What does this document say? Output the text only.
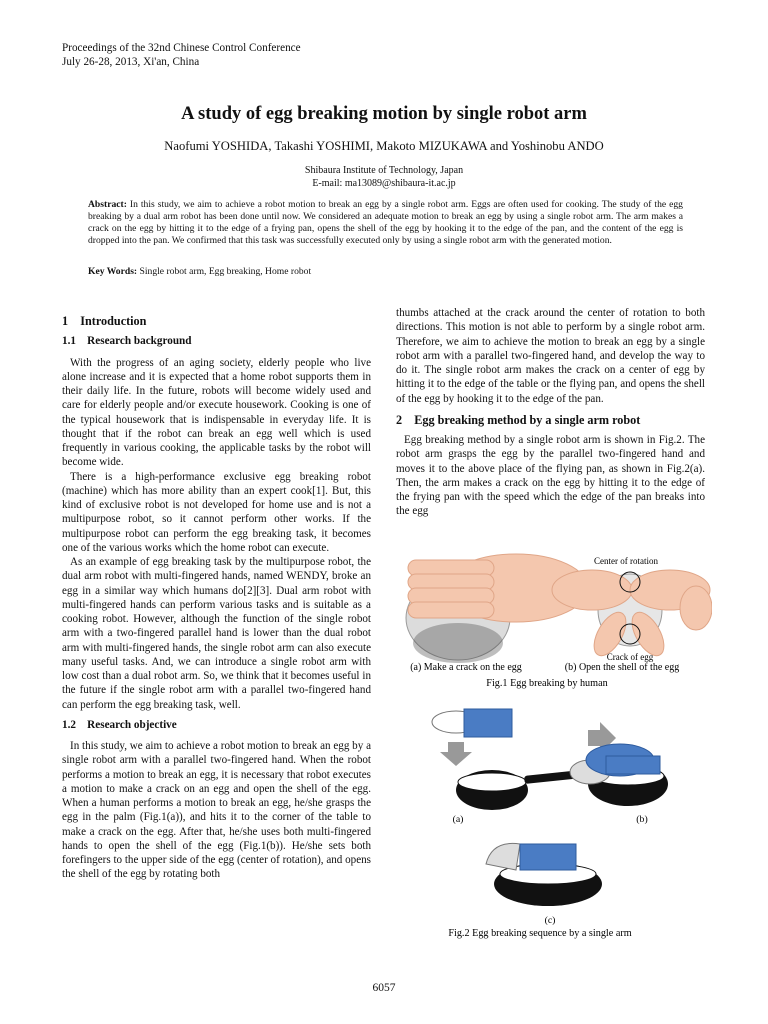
Proceedings of the 32nd Chinese Control Conference
July 26-28, 2013, Xi'an, China
A study of egg breaking motion by single robot arm
Naofumi YOSHIDA, Takashi YOSHIMI, Makoto MIZUKAWA and Yoshinobu ANDO
Shibaura Institute of Technology, Japan
E-mail: ma13089@shibaura-it.ac.jp
Abstract: In this study, we aim to achieve a robot motion to break an egg by a single robot arm. Eggs are often used for cooking. The study of the egg breaking by a dual arm robot has been done until now. We considered an adequate motion to break an egg by using a single robot arm. The arm makes a crack on the egg by hitting it to the edge of a frying pan, opens the shell of the egg by hooking it to the edge of the pan, and the content of the egg is dropped into the pan. We confirmed that this task was successfully executed only by using a single robot arm with the generated motion.
Key Words: Single robot arm, Egg breaking, Home robot
1    Introduction
1.1    Research background

With the progress of an aging society, elderly people who live alone increase and it is expected that a home robot supports them in their daily life. In the future, robots will become widely used and care for elderly people and/or execute housework. Cooking is one of the typical housework that is indispensable in everyday life. It is thought that if the robot can break an egg well which is used frequently in various cooking, the applicable tasks by the robot will become wide.

There is a high-performance exclusive egg breaking robot (machine) which has more ability than an expert cook[1]. But, this kind of exclusive robot is not developed for home use and is not a multipurpose robot, so it cannot perform other works. If the multipurpose robot can perform the egg breaking task, it becomes one of the various works which the home robot can execute.

As an example of egg breaking task by the multipurpose robot, the dual arm robot with multi-fingered hands, named WENDY, broke an egg in a similar way which humans do[2][3]. Dual arm robot with multi-fingered hands can perform various tasks and is suitable as a cooking robot. However, although the function of the single robot arm with a two-fingered parallel hand is lower than the dual robot arm with multi-fingered hands, the single robot arm can also execute many useful tasks. And, we can introduce a single robot arm with low cost than a dual robot arm. So, we think that it becomes useful in the future if the single robot arm with a parallel two-fingered hand can perform the egg breaking task, well.

1.2    Research objective

In this study, we aim to achieve a robot motion to break an egg by a single robot arm with a parallel two-fingered hand. When the robot performs a motion to break an egg, it is necessary that robot executes a motion to make a crack on an egg and open the shell of the egg. When a human performs a motion to break an egg, he/she grasps the egg in the palm (Fig.1(a)), and hits it to the corner of the table to make a crack on the egg. After that, he/she uses both multi-fingered hands to open the shell of the egg (Fig.1(b)). He/she sets both forefingers to the upper side of the egg (center of rotation), and opens the shell of the egg by rotating both

thumbs attached at the crack around the center of rotation to both directions. This motion is not able to perform by a single robot arm. Therefore, we aim to achieve the motion to break an egg by a single robot arm with a parallel two-fingered hand, and develop the way to do it. The single robot arm makes the crack on a center of egg by hitting it to the edge of the table or the flying pan, and opens the shell of the egg by hooking it to the edge of the pan.

2    Egg breaking method by a single arm robot

Egg breaking method by a single robot arm is shown in Fig.2. The robot arm grasps the egg by the parallel two-fingered hand and moves it to the above place of the flying pan, as shown in Fig.2(a). Then, the arm makes a crack on the egg by hitting it to the edge of the frying pan with the speed which the edge of the pan breaks into the egg

Center of rotation
Crack of egg
(a) Make a crack on the egg	(b) Open the shell of the egg
Fig.1 Egg breaking by human
(a)	(b)
(c)
Fig.2 Egg breaking sequence by a single arm
6057
